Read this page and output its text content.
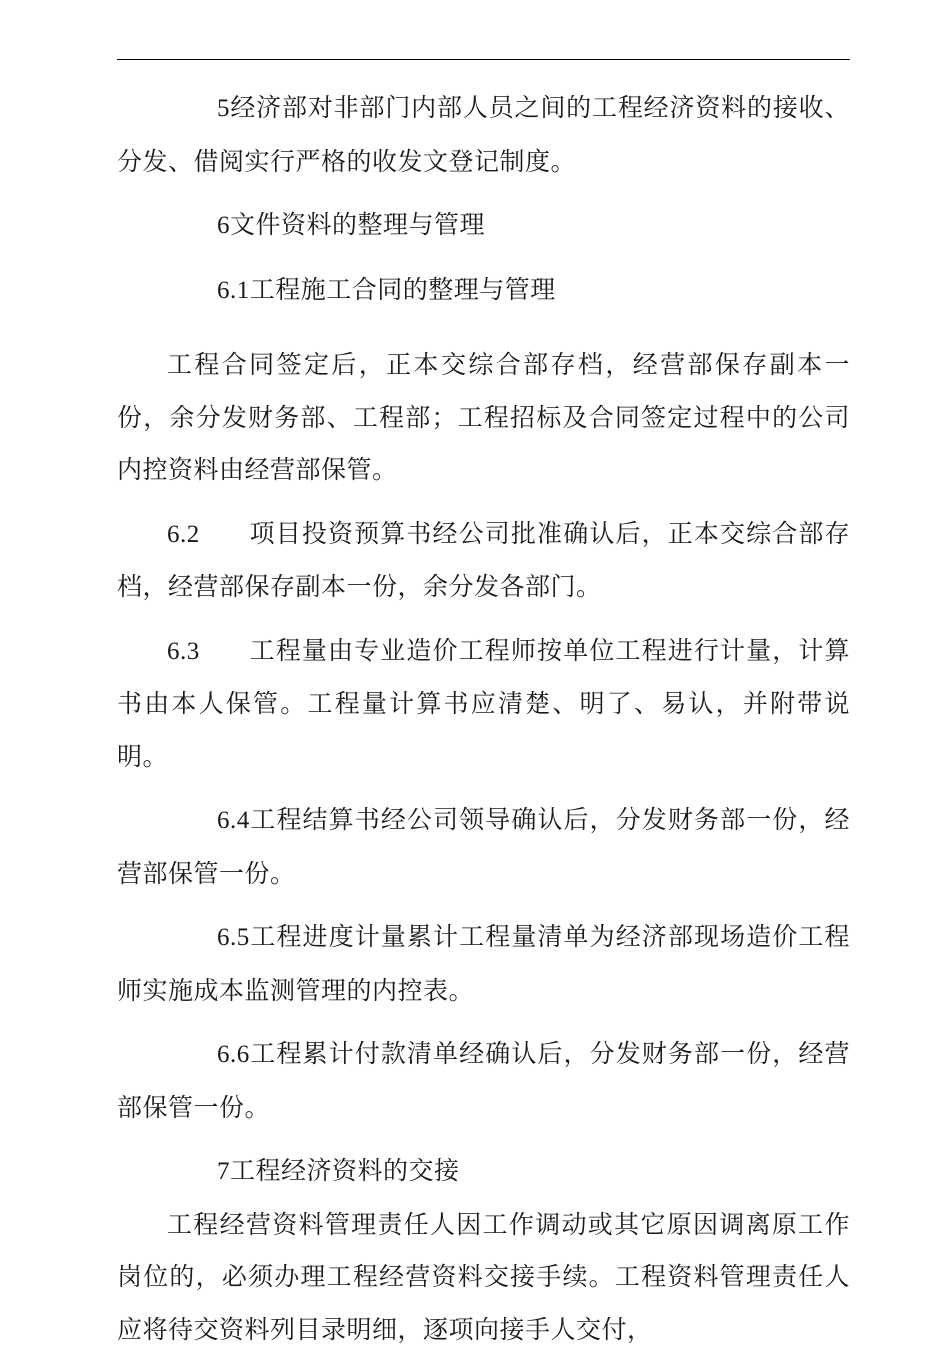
5经济部对非部门内部人员之间的工程经济资料的接收、分发、借阅实行严格的收发文登记制度。

6文件资料的整理与管理

6.1工程施工合同的整理与管理

工程合同签定后，正本交综合部存档，经营部保存副本一份，余分发财务部、工程部；工程招标及合同签定过程中的公司内控资料由经营部保管。

6.2 项目投资预算书经公司批准确认后，正本交综合部存档，经营部保存副本一份，余分发各部门。

6.3 工程量由专业造价工程师按单位工程进行计量，计算书由本人保管。工程量计算书应清楚、明了、易认，并附带说明。

6.4工程结算书经公司领导确认后，分发财务部一份，经营部保管一份。

6.5工程进度计量累计工程量清单为经济部现场造价工程师实施成本监测管理的内控表。

6.6工程累计付款清单经确认后，分发财务部一份，经营部保管一份。

7工程经济资料的交接

工程经营资料管理责任人因工作调动或其它原因调离原工作岗位的，必须办理工程经营资料交接手续。工程资料管理责任人应将待交资料列目录明细，逐项向接手人交付，
